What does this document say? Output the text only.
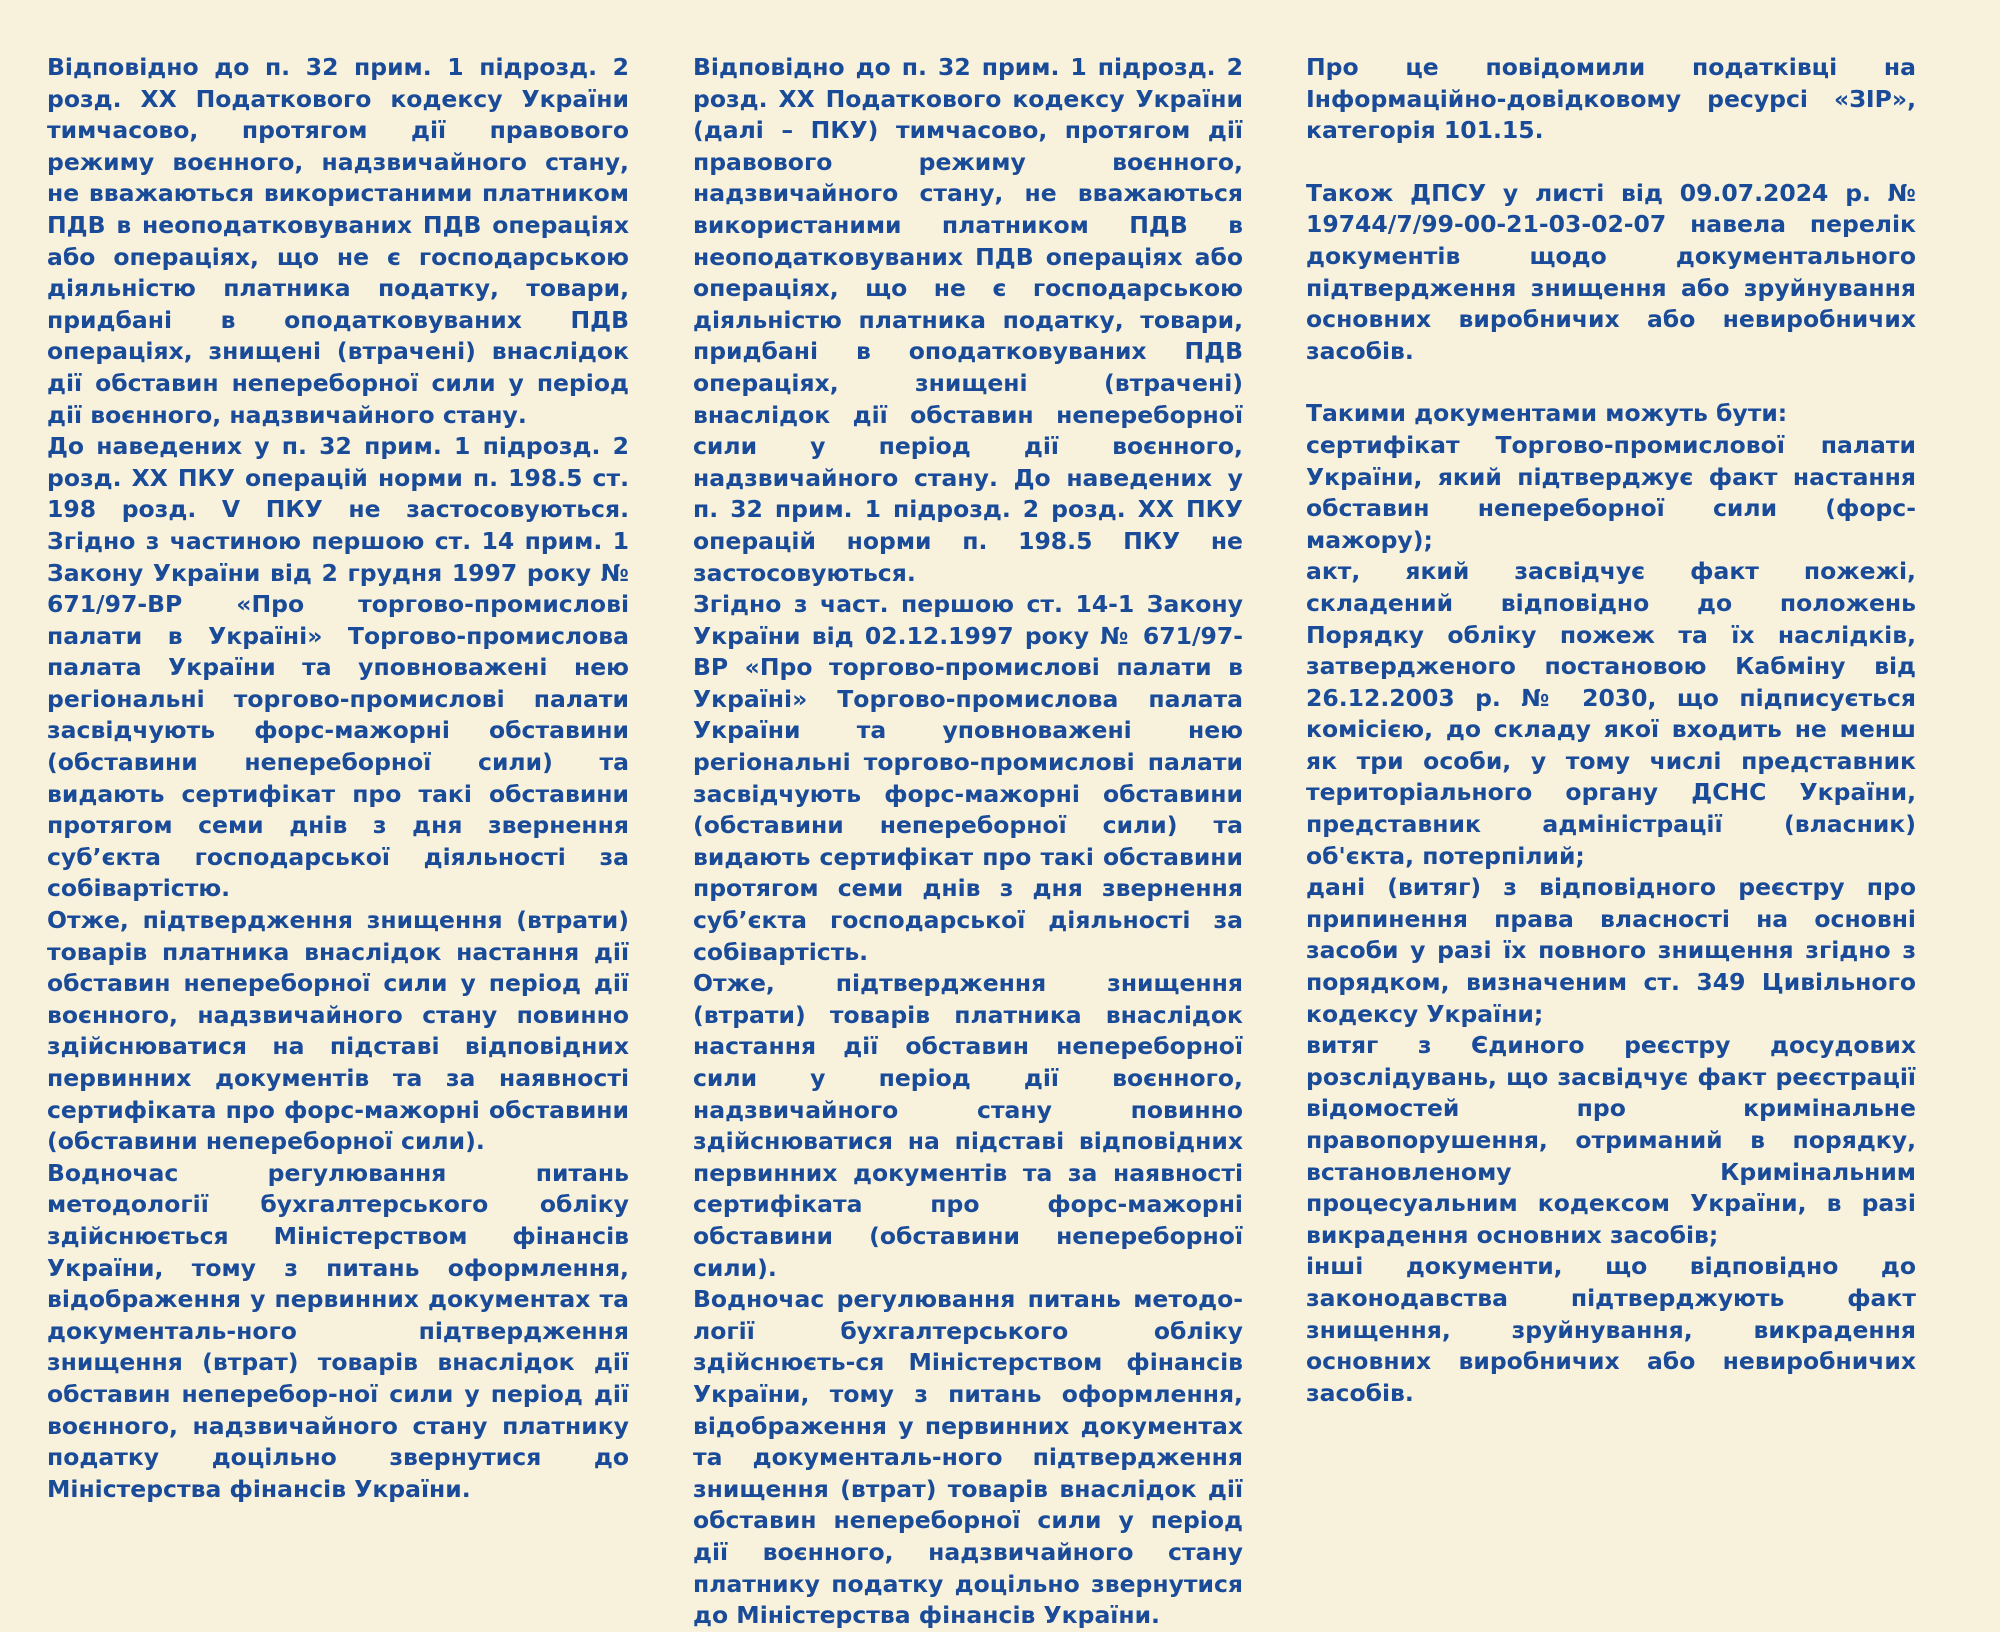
Відповідно до п. 32 прим. 1 підрозд. 2 розд. XX Податкового кодексу України тимчасово, протягом дії правового режиму воєнного, надзвичайного стану, не вважаються використаними платником ПДВ в неоподатковуваних ПДВ операціях або операціях, що не є господарською діяльністю платника податку, товари, придбані в оподатковуваних ПДВ операціях, знищені (втрачені) внаслідок дії обставин непереборної сили у період дії воєнного, надзвичайного стану.

До наведених у п. 32 прим. 1 підрозд. 2 розд. XX ПКУ операцій норми п. 198.5 ст. 198 розд. V ПКУ не застосовуються. Згідно з частиною першою ст. 14 прим. 1 Закону України від 2 грудня 1997 року № 671/97-ВР «Про торгово-промислові палати в Україні» Торгово-промислова палата України та уповноважені нею регіональні торгово-промислові палати засвідчують форс-мажорні обставини (обставини непереборної сили) та видають сертифікат про такі обставини протягом семи днів з дня звернення суб’єкта господарської діяльності за собівартістю.

Отже, підтвердження знищення (втрати) товарів платника внаслідок настання дії обставин непереборної сили у період дії воєнного, надзвичайного стану повинно здійснюватися на підставі відповідних первинних документів та за наявності сертифіката про форс-мажорні обставини (обставини непереборної сили).

Водночас регулювання питань методології бухгалтерського обліку здійснюється Міністерством фінансів України, тому з питань оформлення, відображення у первинних документах та документаль-ного підтвердження знищення (втрат) товарів внаслідок дії обставин неперебор-ної сили у період дії воєнного, надзвичайного стану платнику податку доцільно звернутися до Міністерства фінансів України.

Відповідно до п. 32 прим. 1 підрозд. 2 розд. XX Податкового кодексу України (далі – ПКУ) тимчасово, протягом дії правового режиму воєнного, надзвичайного стану, не вважаються використаними платником ПДВ в неоподатковуваних ПДВ операціях або операціях, що не є господарською діяльністю платника податку, товари, придбані в оподатковуваних ПДВ операціях, знищені (втрачені) внаслідок дії обставин непереборної сили у період дії воєнного, надзвичайного стану. До наведених у п. 32 прим. 1 підрозд. 2 розд. XX ПКУ операцій норми п. 198.5 ПКУ не застосовуються.

Згідно з част. першою ст. 14-1 Закону України від 02.12.1997 року № 671/97-ВР «Про торгово-промислові палати в Україні» Торгово-промислова палата України та уповноважені нею регіональні торгово-промислові палати засвідчують форс-мажорні обставини (обставини непереборної сили) та видають сертифікат про такі обставини протягом семи днів з дня звернення суб’єкта господарської діяльності за собівартість.

Отже, підтвердження знищення (втрати) товарів платника внаслідок настання дії обставин непереборної сили у період дії воєнного, надзвичайного стану повинно здійснюватися на підставі відповідних первинних документів та за наявності сертифіката про форс-мажорні обставини (обставини непереборної сили).

Водночас регулювання питань методо-логії бухгалтерського обліку здійснюєть-ся Міністерством фінансів України, тому з питань оформлення, відображення у первинних документах та документаль-ного підтвердження знищення (втрат) товарів внаслідок дії обставин непереборної сили у період дії воєнного, надзвичайного стану платнику податку доцільно звернутися до Міністерства фінансів України.

Про це повідомили податківці на Інформаційно-довідковому ресурсі «ЗІР», категорія 101.15.

Також ДПСУ у листі від 09.07.2024 р. № 19744/7/99-00-21-03-02-07 навела перелік документів щодо документального підтвердження знищення або зруйнування основних виробничих або невиробничих засобів.

Такими документами можуть бути:

сертифікат Торгово-промислової палати України, який підтверджує факт настання обставин непереборної сили (форс-мажору);

акт, який засвідчує факт пожежі, складений відповідно до положень Порядку обліку пожеж та їх наслідків, затвердженого постановою Кабміну від 26.12.2003 р. № 2030, що підписується комісією, до складу якої входить не менш як три особи, у тому числі представник територіального органу ДСНС України, представник адміністрації (власник) об'єкта, потерпілий;

дані (витяг) з відповідного реєстру про припинення права власності на основні засоби у разі їх повного знищення згідно з порядком, визначеним ст. 349 Цивільного кодексу України;

витяг з Єдиного реєстру досудових розслідувань, що засвідчує факт реєстрації відомостей про кримінальне правопорушення, отриманий в порядку, встановленому Кримінальним процесуальним кодексом України, в разі викрадення основних засобів;

інші документи, що відповідно до законодавства підтверджують факт знищення, зруйнування, викрадення основних виробничих або невиробничих засобів.
